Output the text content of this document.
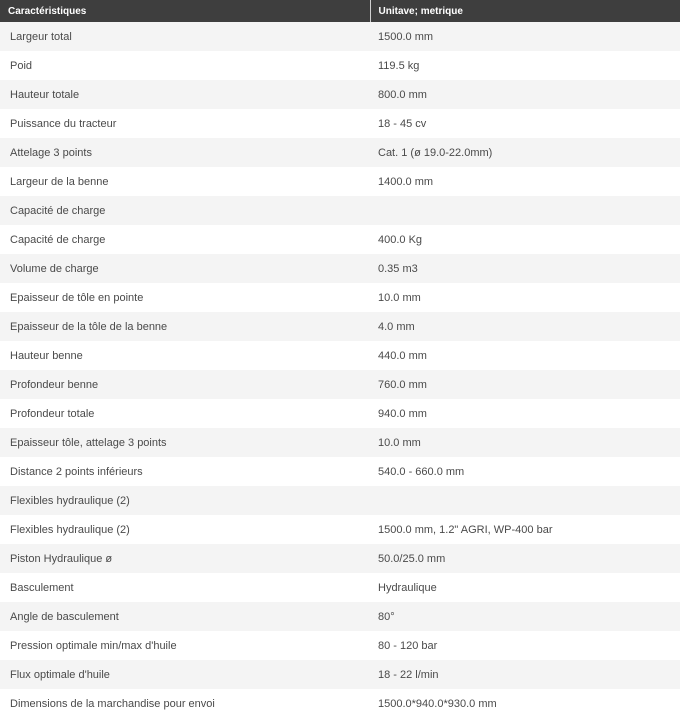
Caractéristiques	Unitave; metrique
Largeur total	1500.0 mm
Poid	119.5 kg
Hauteur totale	800.0 mm
Puissance du tracteur	18 - 45 cv
Attelage 3 points	Cat. 1 (ø 19.0-22.0mm)
Largeur de la benne	1400.0 mm
Capacité de charge	
Capacité de charge	400.0 Kg
Volume de charge	0.35 m3
Epaisseur de tôle en pointe	10.0 mm
Epaisseur de la tôle de la benne	4.0 mm
Hauteur benne	440.0 mm
Profondeur benne	760.0 mm
Profondeur totale	940.0 mm
Epaisseur tôle, attelage 3 points	10.0 mm
Distance 2 points inférieurs	540.0 - 660.0 mm
Flexibles hydraulique (2)	
Flexibles hydraulique (2)	1500.0 mm, 1.2" AGRI, WP-400 bar
Piston Hydraulique ø	50.0/25.0 mm
Basculement	Hydraulique
Angle de basculement	80°
Pression optimale min/max d'huile	80 - 120 bar
Flux optimale d'huile	18 - 22 l/min
Dimensions de la marchandise pour envoi	1500.0*940.0*930.0 mm
